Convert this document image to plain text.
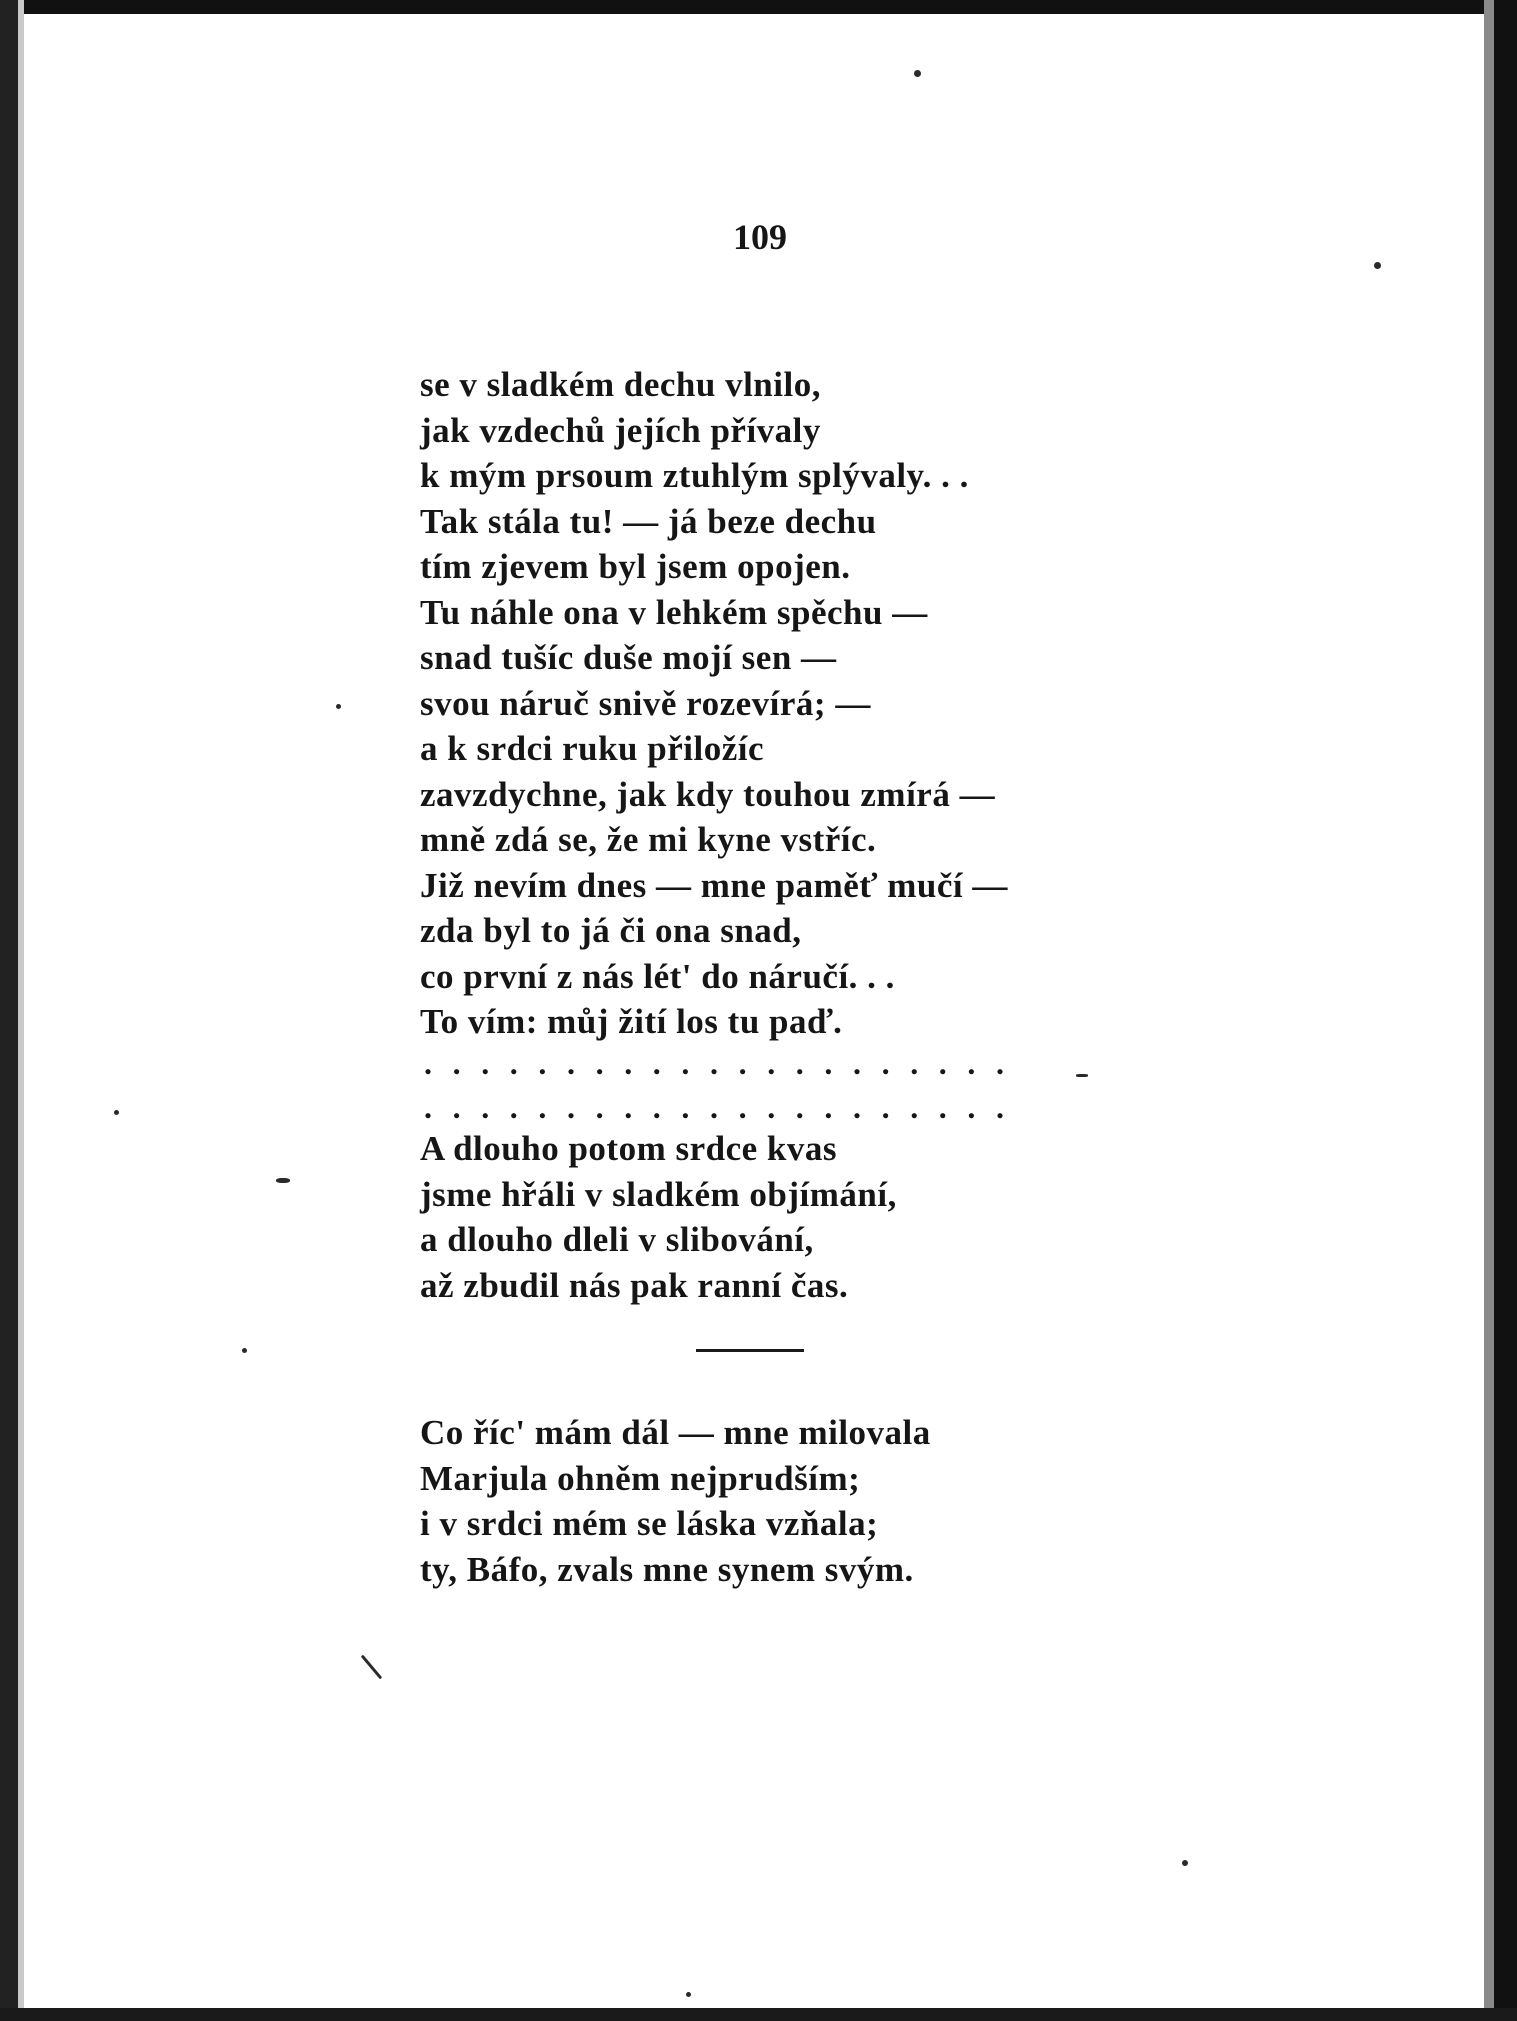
109
se v sladkém dechu vlnilo,
jak vzdechů jejích přívaly
k mým prsoum ztuhlým splývaly. . .
Tak stála tu! — já beze dechu
tím zjevem byl jsem opojen.
Tu náhle ona v lehkém spěchu —
snad tušíc duše mojí sen —
svou náruč snivě rozevírá; —
a k srdci ruku přiložíc
zavzdychne, jak kdy touhou zmírá —
mně zdá se, že mi kyne vstříc.
Již nevím dnes — mne paměť mučí —
zda byl to já či ona snad,
co první z nás lét' do náručí. . .
To vím: můj žití los tu paď.
. . . . . . . . . . . . . . . . . . . . .
. . . . . . . . . . . . . . . . . . . . .
A dlouho potom srdce kvas
jsme hřáli v sladkém objímání,
a dlouho dleli v slibování,
až zbudil nás pak ranní čas.
Co říc' mám dál — mne milovala
Marjula ohněm nejprudším;
i v srdci mém se láska vzňala;
ty, Báfo, zvals mne synem svým.
